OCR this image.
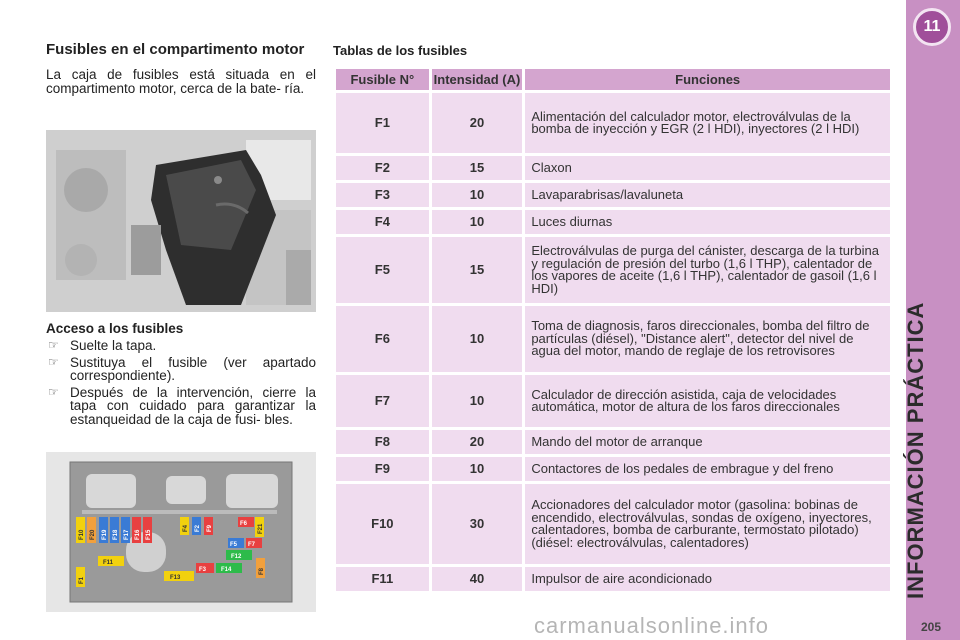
Fusibles en el compartimento motor

La caja de fusibles está situada en el compartimento motor, cerca de la bate- ría.

Acceso a los fusibles
☞ Suelte la tapa.
☞ Sustituya el fusible (ver apartado correspondiente).
☞ Después de la intervención, cierre la tapa con cuidado para garantizar la estanqueidad de la caja de fusi- bles.
F10 F20 F19 F18 F17 F16 F15
F4 F2 F9
F6 F21
F5 F7
F12
F11
F3 F14	F8
F1	F13
Tablas de los fusibles
Fusible N°	Intensidad (A)	Funciones
F1	20	Alimentación del calculador motor, electroválvulas de la bomba de inyección y EGR (2 l HDI), inyectores (2 l HDI)
F2	15	Claxon
F3	10	Lavaparabrisas/lavaluneta
F4	10	Luces diurnas
F5	15	Electroválvulas de purga del cánister, descarga de la turbina y regulación de presión del turbo (1,6 l THP), calentador de los vapores de aceite (1,6 l THP), calentador de gasoil (1,6 l HDI)
F6	10	Toma de diagnosis, faros direccionales, bomba del filtro de partículas (diésel), "Distance alert", detector del nivel de agua del motor, mando de reglaje de los retrovisores
F7	10	Calculador de dirección asistida, caja de velocidades automática, motor de altura de los faros direccionales
F8	20	Mando del motor de arranque
F9	10	Contactores de los pedales de embrague y del freno
F10	30	Accionadores del calculador motor (gasolina: bobinas de encendido, electroválvulas, sondas de oxígeno, inyectores, calentadores, bomba de carburante, termostato pilotado) (diésel: electroválvulas, calentadores)
F11	40	Impulsor de aire acondicionado
11
INFORMACIÓN PRÁCTICA
205
carmanualsonline.info
